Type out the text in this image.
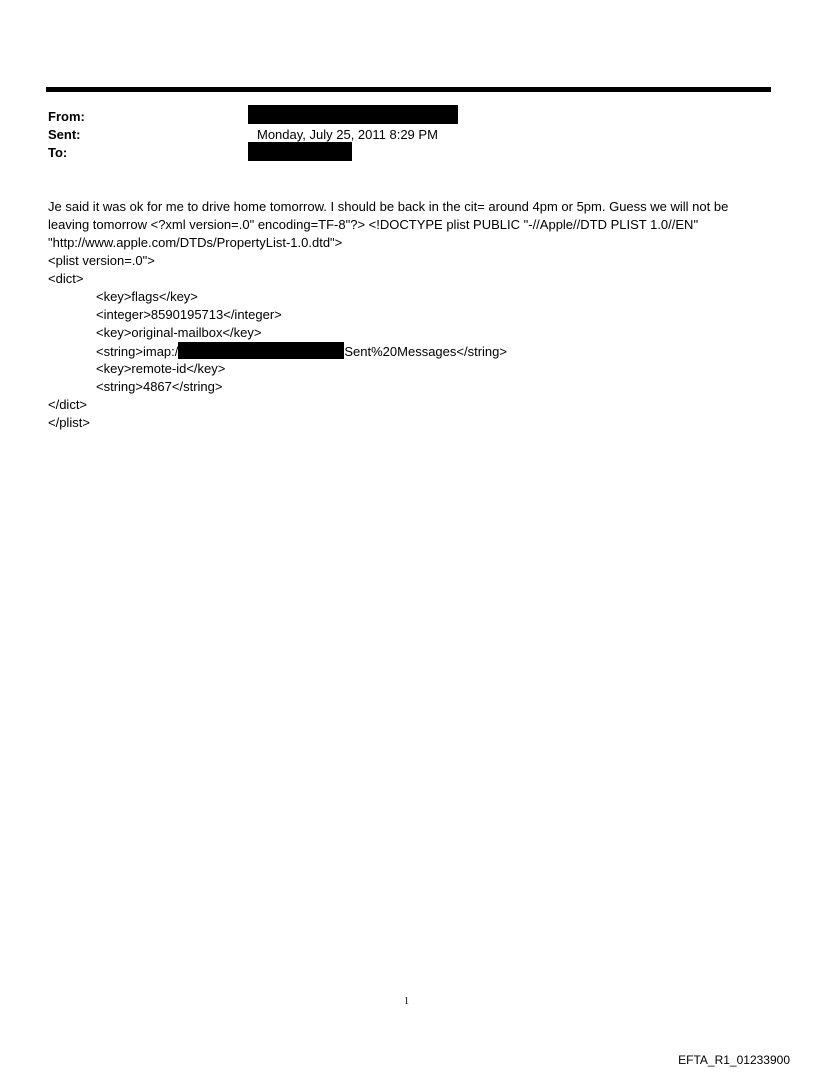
From:
Sent:	Monday, July 25, 2011 8:29 PM
To:
Je said it was ok for me to drive home tomorrow. I should be back in the cit= around 4pm or 5pm. Guess we will not be
leaving tomorrow <?xml version=.0" encoding=TF-8"?> <!DOCTYPE plist PUBLIC "-//Apple//DTD PLIST 1.0//EN"
"http://www.apple.com/DTDs/PropertyList-1.0.dtd">
<plist version=.0">
<dict>
<key>flags</key>
<integer>8590195713</integer>
<key>original-mailbox</key>
<string>imap:/	Sent%20Messages</string>
<key>remote-id</key>
<string>4867</string>
</dict>
</plist>
1
EFTA_R1_01233900
